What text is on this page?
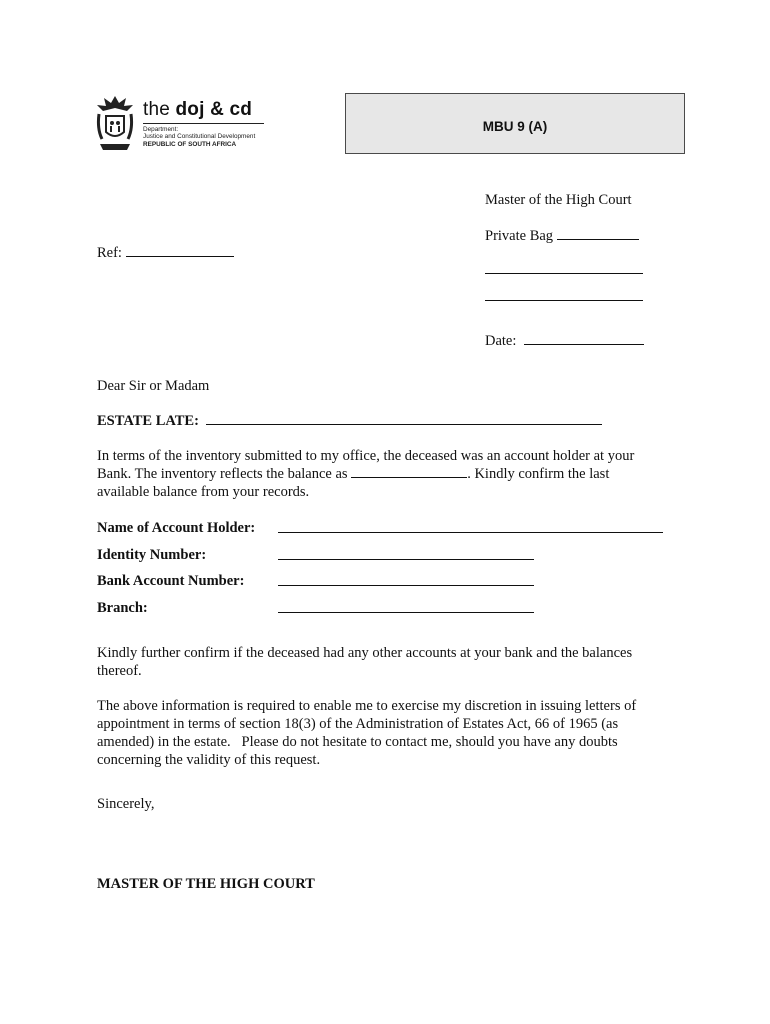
the doj & cd
Department:
Justice and Constitutional Development
REPUBLIC OF SOUTH AFRICA
MBU 9 (A)
Master of the High Court
Private Bag
Date:
Ref:
Dear Sir or Madam
ESTATE LATE:
In terms of the inventory submitted to my office, the deceased was an account holder at your
Bank. The inventory reflects the balance as	. Kindly confirm the last
available balance from your records.
Name of Account Holder:
Identity Number:
Bank Account Number:
Branch:
Kindly further confirm if the deceased had any other accounts at your bank and the balances
thereof.
The above information is required to enable me to exercise my discretion in issuing letters of
appointment in terms of section 18(3) of the Administration of Estates Act, 66 of 1965 (as
amended) in the estate.   Please do not hesitate to contact me, should you have any doubts
concerning the validity of this request.
Sincerely,
MASTER OF THE HIGH COURT
